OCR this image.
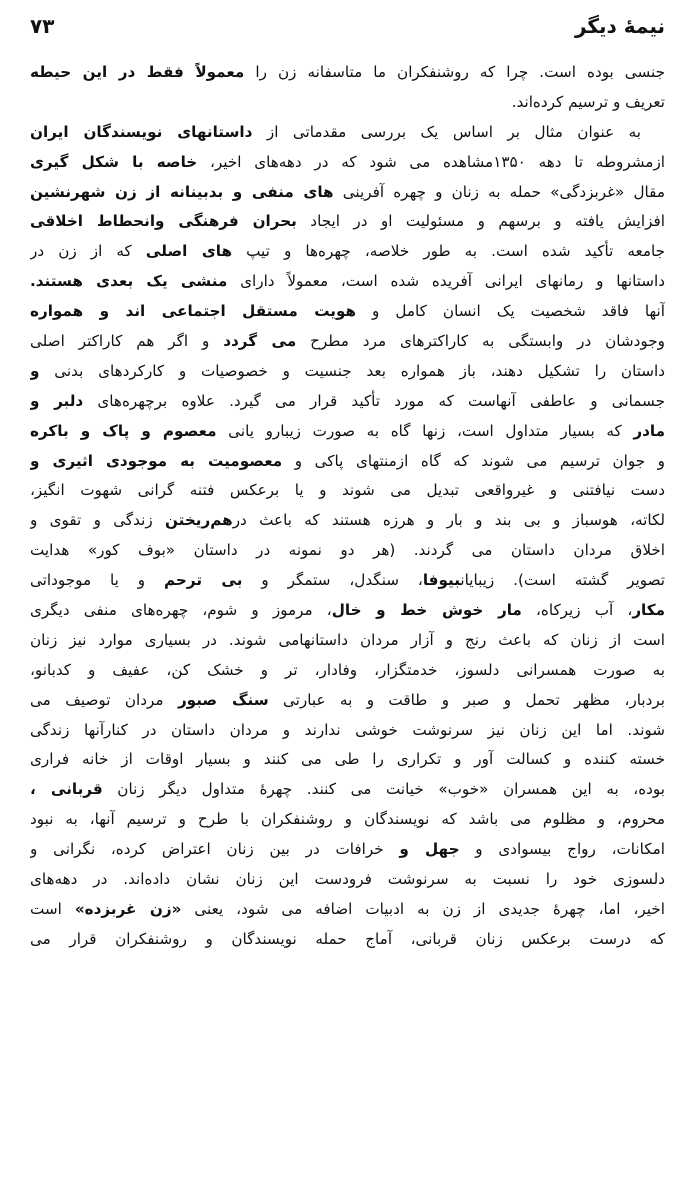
نیمهٔ دیگر
۷۳
جنسی بوده است. چرا که روشنفکران ما متاسفانه زن را معمولاً فقط در این حیطه
تعریف و ترسیم کرده‌اند.
به عنوان مثال بر اساس یک بررسی مقدماتی از داستانهای نویسندگان ایران
ازمشروطه تا دهه ۱۳۵۰مشاهده می شود که در دهه‌های اخیر، خاصه با شکل گیری
مقال «غربزدگی» حمله به زنان و چهره آفرینی های منفی و بدبینانه از زن شهرنشین
افزایش یافته و برسهم و مسئولیت او در ایجاد بحران فرهنگی وانحطاط اخلاقی
جامعه تأکید شده است. به طور خلاصه، چهره‌ها و تیپ های اصلی که از زن در
داستانها و رمانهای ایرانی آفریده شده است، معمولاً دارای منشی یک بعدی هستند.
آنها فاقد شخصیت یک انسان کامل و هویت مستقل اجتماعی اند و همواره
وجودشان در وابستگی به کاراکترهای مرد مطرح می گردد و اگر هم کاراکتر اصلی
داستان را تشکیل دهند، باز همواره بعد جنسیت و خصوصیات و کارکردهای بدنی و
جسمانی و عاطفی آنهاست که مورد تأکید قرار می گیرد. علاوه برچهره‌های دلبر و
مادر که بسیار متداول است، زنها گاه به صورت زیبارو یانی معصوم و پاک و باکره
و جوان ترسیم می شوند که گاه ازمنتهای پاکی و معصومیت به موجودی اثیری و
دست نیافتنی و غیرواقعی تبدیل می شوند و یا برعکس فتنه گرانی شهوت انگیز،
لکاته، هوسباز و بی بند و بار و هرزه هستند که باعث درهم‌ریختن زندگی و تقوی و
اخلاق مردان داستان می گردند. (هر دو نمونه در داستان «بوف کور» هدایت
تصویر گشته است). زیبایانبیوفا، سنگدل، ستمگر و بی ترحم و یا موجوداتی
مکار، آب زیرکاه، مار خوش خط و خال، مرموز و شوم، چهره‌های منفی دیگری
است از زنان که باعث رنج و آزار مردان داستانهامی شوند. در بسیاری موارد نیز زنان
به صورت همسرانی دلسوز، خدمتگزار، وفادار، تر و خشک کن، عفیف و کدبانو،
بردبار، مظهر تحمل و صبر و طاقت و به عبارتی سنگ صبور مردان توصیف می
شوند. اما این زنان نیز سرنوشت خوشی ندارند و مردان داستان در کنارآنها زندگی
خسته کننده و کسالت آور و تکراری را طی می کنند و بسیار اوقات از خانه فراری
بوده، به این همسران «خوب» خیانت می کنند. چهرهٔ متداول دیگر زنان قربانی ،
محروم، و مظلوم می باشد که نویسندگان و روشنفکران با طرح و ترسیم آنها، به نبود
امکانات، رواج بیسوادی و جهل و خرافات در بین زنان اعتراض کرده، نگرانی و
دلسوزی خود را نسبت به سرنوشت فرودست این زنان نشان داده‌اند. در دهه‌های
اخیر، اما، چهرهٔ جدیدی از زن به ادبیات اضافه می شود، یعنی «زن غربزده» است
که درست برعکس زنان قربانی، آماج حمله نویسندگان و روشنفکران قرار می
